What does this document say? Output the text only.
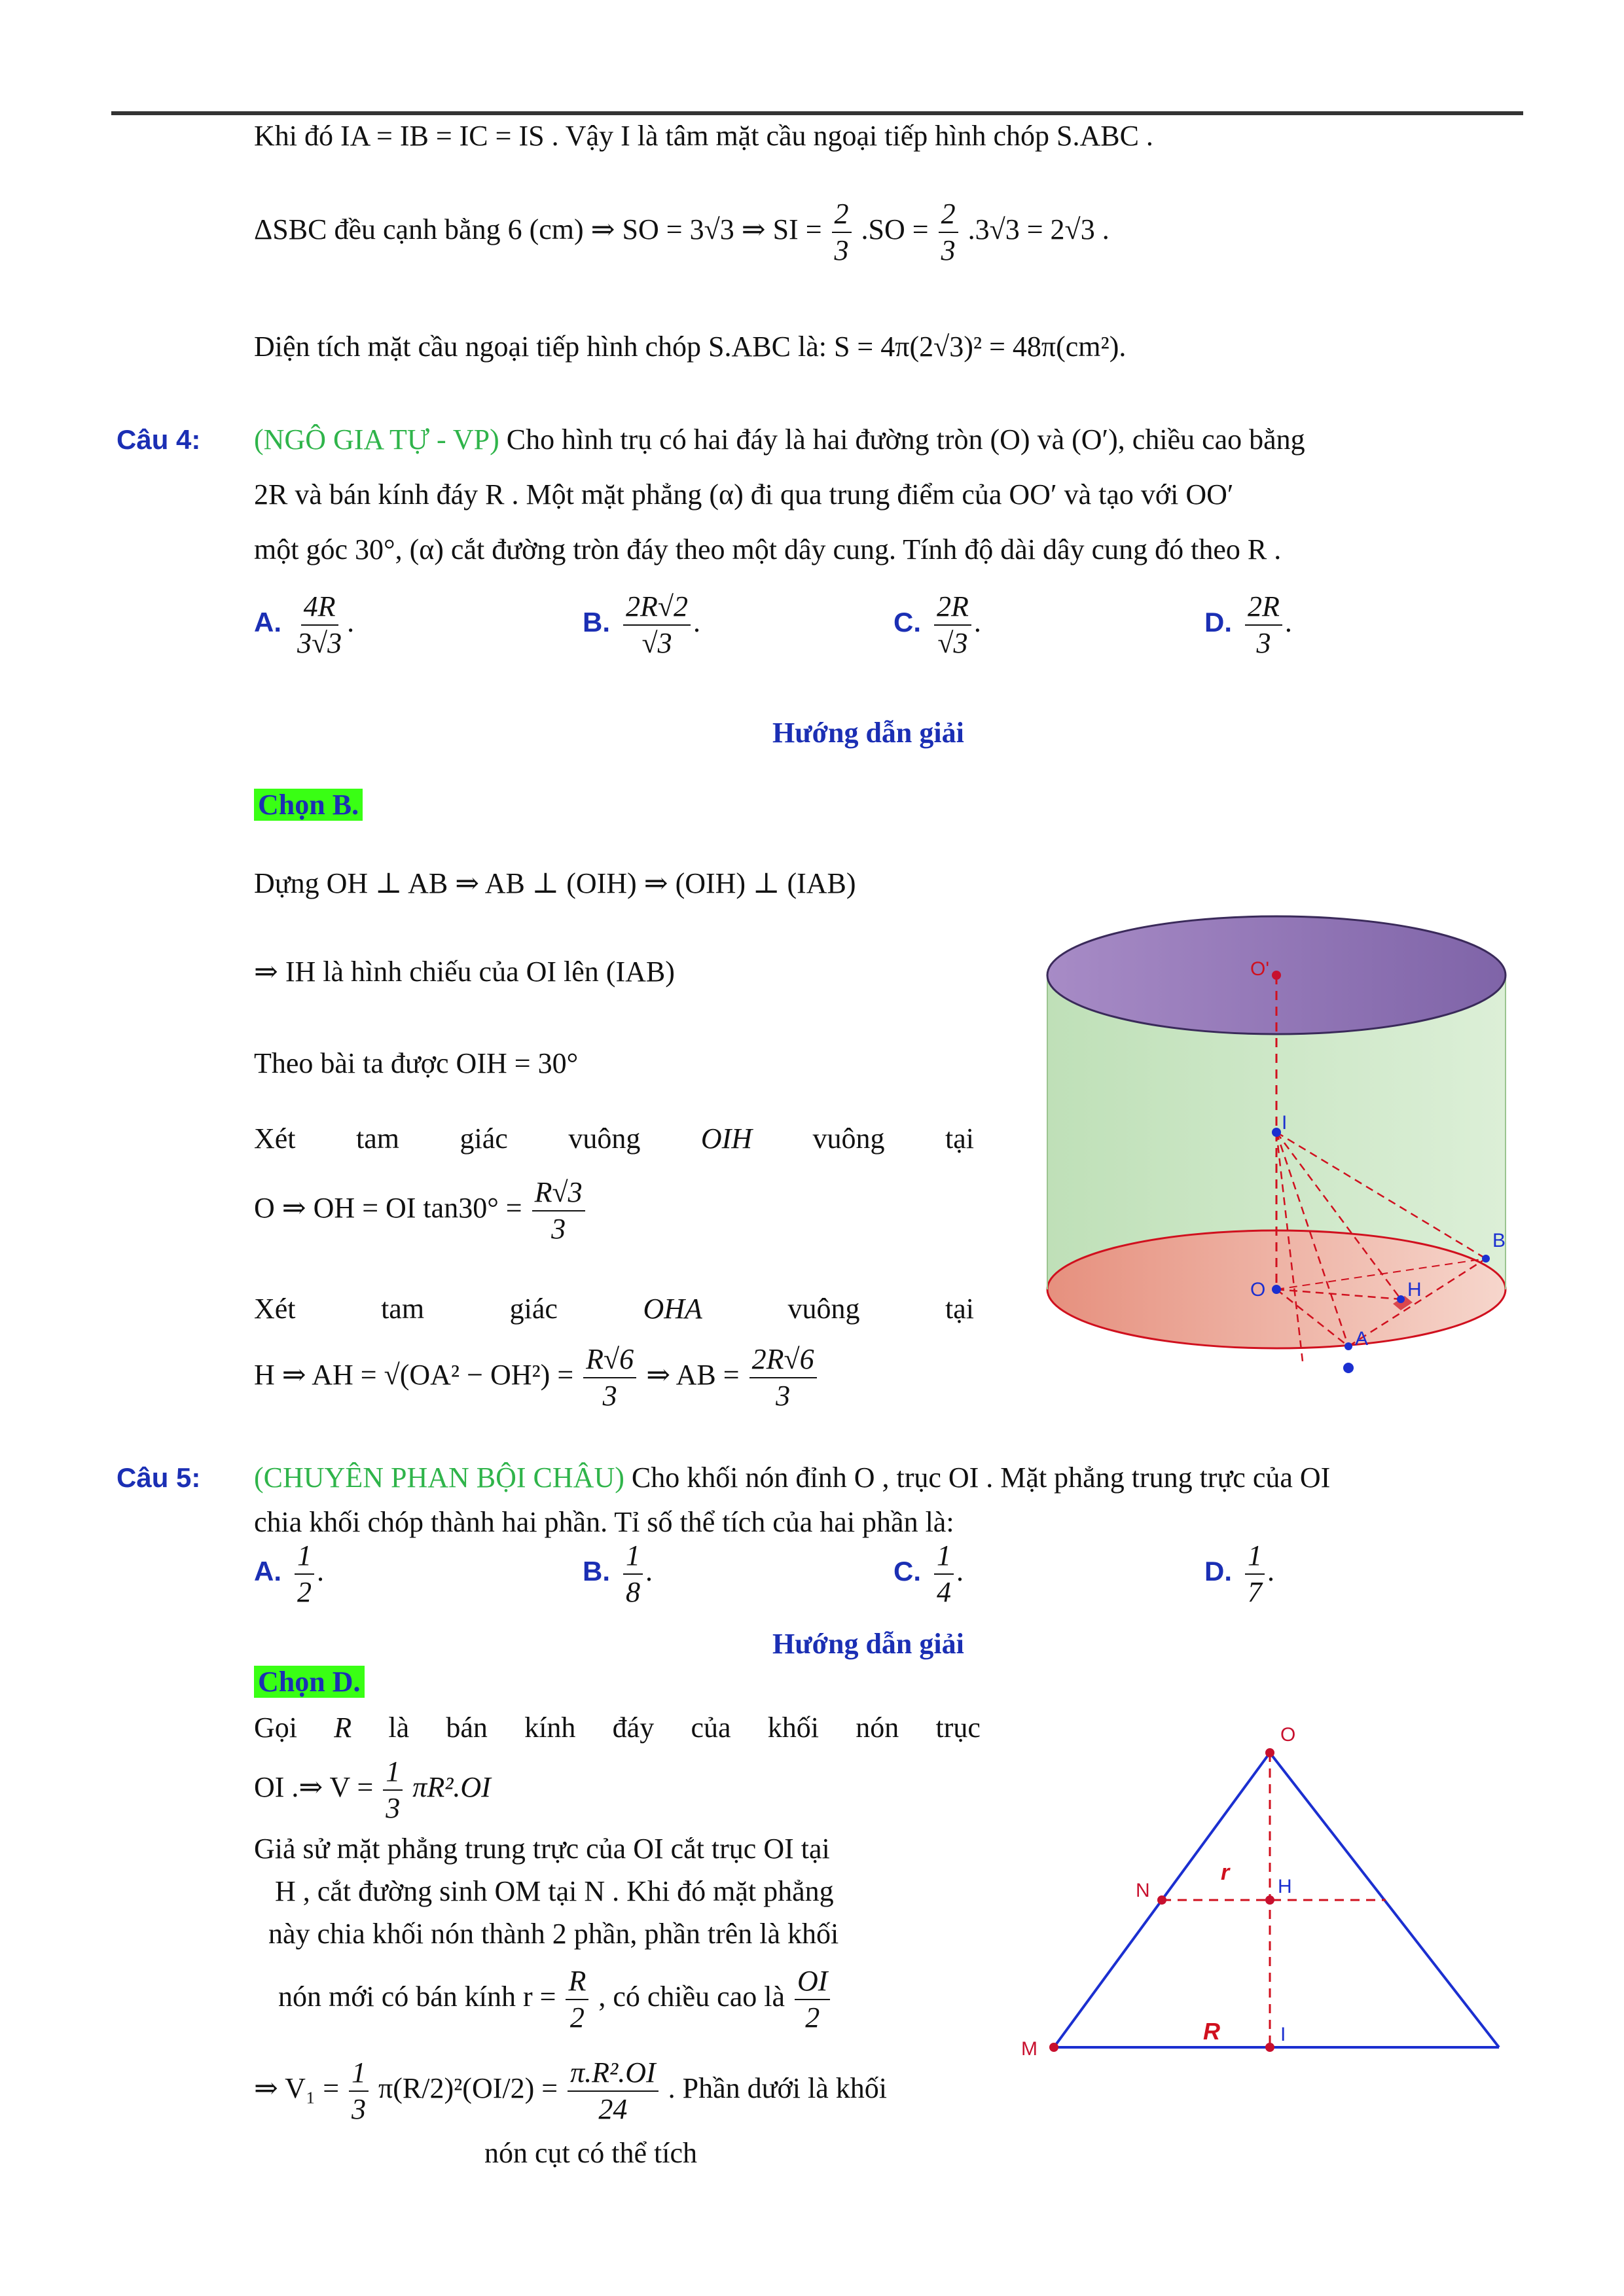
Khi đó IA = IB = IC = IS . Vậy I là tâm mặt cầu ngoại tiếp hình chóp S.ABC .
ΔSBC đều cạnh bằng 6 (cm) ⇒ SO = 3√3 ⇒ SI = $\frac{2}{3} .SO = \frac{2}{3} .3√3 = 2√3$ .
Diện tích mặt cầu ngoại tiếp hình chóp S.ABC là: S = 4π(2√3)² = 48π(cm²).
Câu 4: (NGÔ GIA TỰ - VP) Cho hình trụ có hai đáy là hai đường tròn (O) và (O′), chiều cao bằng
2R và bán kính đáy R . Một mặt phẳng (α) đi qua trung điểm của OO′ và tạo với OO′
một góc 30°, (α) cắt đường tròn đáy theo một dây cung. Tính độ dài dây cung đó theo R .
A. $\frac{4R}{3√3}$ .	B. $\frac{2R√2}{√3}$ .	C. $\frac{2R}{√3}$ .	D. $\frac{2R}{3}$ .
Hướng dẫn giải
Chọn B.
Dựng OH ⊥ AB ⇒ AB ⊥ (OIH) ⇒ (OIH) ⊥ (IAB)
⇒ IH là hình chiếu của OI lên (IAB)
Theo bài ta được OIH = 30°
Xét tam giác vuông OIH vuông tại
O ⇒ OH = OI $\tan 30^\circ = \frac{R√3}{3}$
Xét	tam	giác	OHA	vuông	tại
H ⇒ AH = $√(OA^2 - OH^2) = \frac{R√6}{3}$ ⇒ AB = $\frac{2R√6}{3}$
O'
I
O	H
A
B
Câu 5: (CHUYÊN PHAN BỘI CHÂU) Cho khối nón đỉnh O , trục OI . Mặt phẳng trung trực của OI
chia khối chóp thành hai phần. Tỉ số thể tích của hai phần là:
A. $\frac{1}{2}$ .	B. $\frac{1}{8}$ .	C. $\frac{1}{4}$ .	D. $\frac{1}{7}$ .
Hướng dẫn giải
Chọn D.
Gọi R là bán kính đáy của khối nón trục
OI .⇒ $V = \frac{1}{3} \pi R^2.OI$
Giả sử mặt phẳng trung trực của OI cắt trục OI tại
H , cắt đường sinh OM tại N . Khi đó mặt phẳng
này chia khối nón thành 2 phần, phần trên là khối
nón mới có bán kính $r = \frac{R}{2}$ , có chiều cao là $\frac{OI}{2}$
⇒ $V_1 = \frac{1}{3} \pi(R/2)^2(OI/2) = \frac{\text{π.R².OI}}{24}$ . Phần dưới là khối
nón cụt có thể tích
O
N	H
r
M
R	I
